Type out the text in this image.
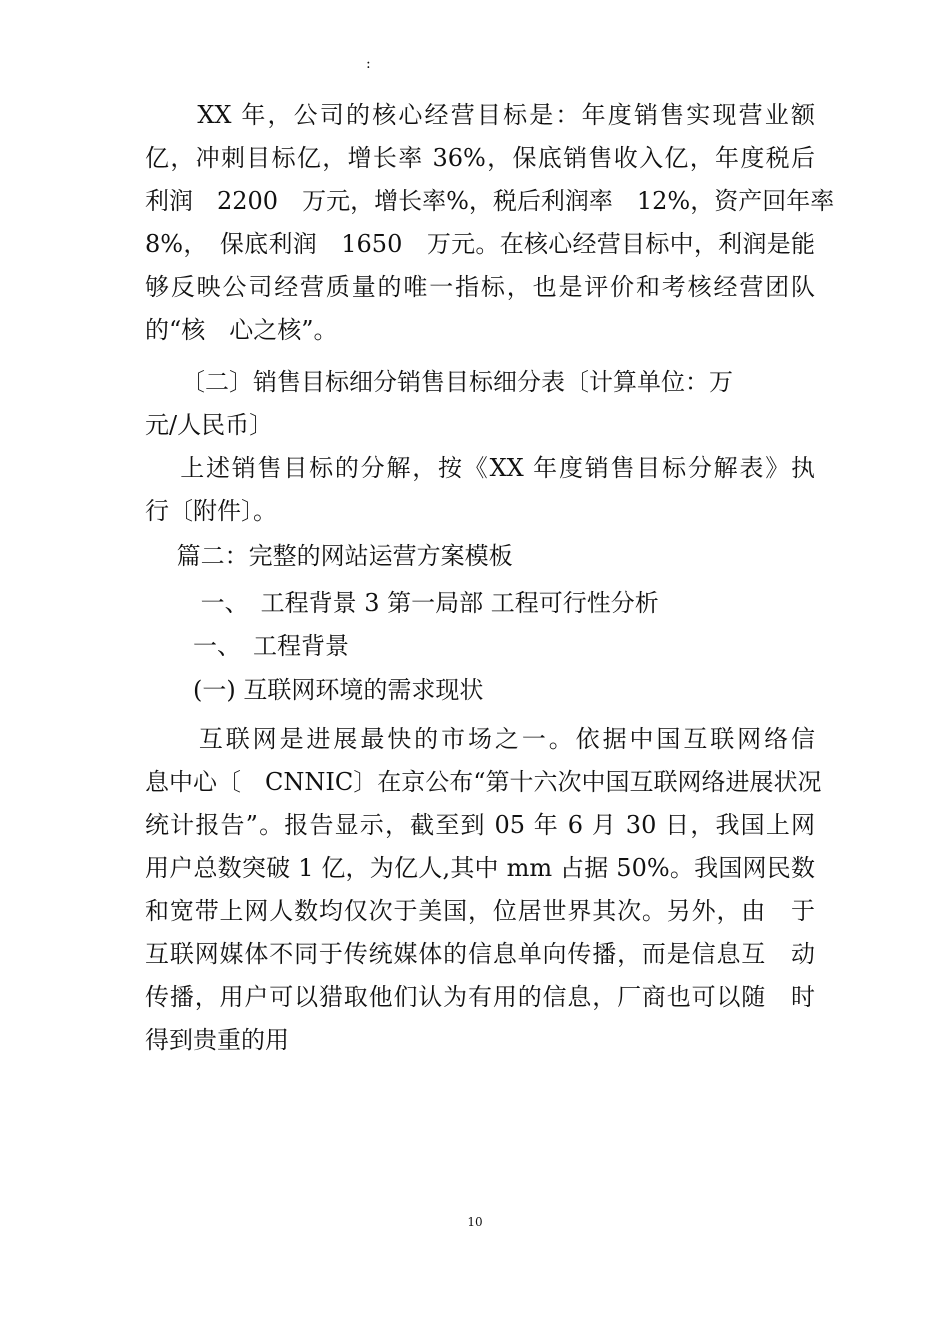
:

　　XX 年，公司的核心经营目标是：年度销售实现营业额
亿，冲刺目标亿，增长率 36%，保底销售收入亿，年度税后
利润　2200　万元，增长率%，税后利润率　12%，资产回年率
8%，　保底利润　1650　万元。在核心经营目标中，利润是能
够反映公司经营质量的唯一指标，也是评价和考核经营团队
的“核　心之核”。

　　〔二〕销售目标细分销售目标细分表〔计算单位：万
元/人民币〕

　 上述销售目标的分解，按《XX 年度销售目标分解表》执
行〔附件〕。

　 篇二：完整的网站运营方案模板

　　 一、　工程背景 3 第一局部 工程可行性分析

　　一、　工程背景

　　(一) 互联网环境的需求现状

　　互联网是进展最快的市场之一。依据中国互联网络信
息中心〔　CNNIC〕在京公布“第十六次中国互联网络进展状况
统计报告”。报告显示，截至到 05 年 6 月 30 日，我国上网
用户总数突破 1 亿，为亿人,其中 mm 占据 50%。我国网民数
和宽带上网人数均仅次于美国，位居世界其次。另外，由　于
互联网媒体不同于传统媒体的信息单向传播，而是信息互　动
传播，用户可以猎取他们认为有用的信息，厂商也可以随　时
得到贵重的用

10
